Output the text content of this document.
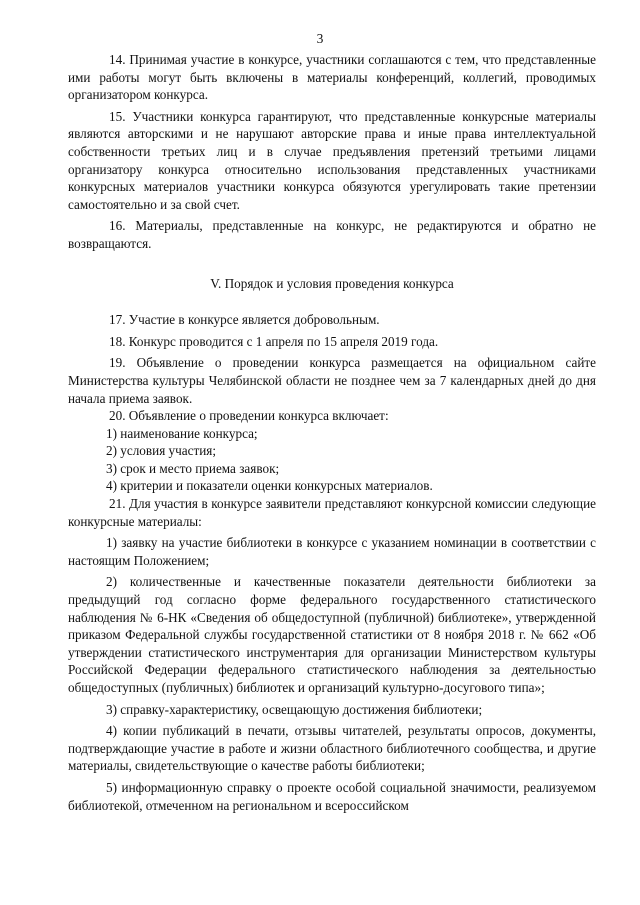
3

14. Принимая участие в конкурсе, участники соглашаются с тем, что представленные ими работы могут быть включены в материалы конференций, коллегий, проводимых организатором конкурса.

15. Участники конкурса гарантируют, что представленные конкурсные материалы являются авторскими и не нарушают авторские права и иные права интеллектуальной собственности третьих лиц и в случае предъявления претензий третьими лицами организатору конкурса относительно использования представленных участниками конкурсных материалов участники конкурса обязуются урегулировать такие претензии самостоятельно и за свой счет.

16. Материалы, представленные на конкурс, не редактируются и обратно не возвращаются.

V. Порядок и условия проведения конкурса

17. Участие в конкурсе является добровольным.

18. Конкурс проводится с 1 апреля по 15 апреля 2019 года.

19. Объявление о проведении конкурса размещается на официальном сайте Министерства культуры Челябинской области не позднее чем за 7 календарных дней до дня начала приема заявок.

20. Объявление о проведении конкурса включает:

1) наименование конкурса;

2) условия участия;

3) срок и место приема заявок;

4) критерии и показатели оценки конкурсных материалов.

21. Для участия в конкурсе заявители представляют конкурсной комиссии следующие конкурсные материалы:

1) заявку на участие библиотеки в конкурсе с указанием номинации в соответствии с настоящим Положением;

2) количественные и качественные показатели деятельности библиотеки за предыдущий год согласно форме федерального государственного статистического наблюдения № 6-НК «Сведения об общедоступной (публичной) библиотеке», утвержденной приказом Федеральной службы государственной статистики от 8 ноября 2018 г. № 662 «Об утверждении статистического инструментария для организации Министерством культуры Российской Федерации федерального статистического наблюдения за деятельностью общедоступных (публичных) библиотек и организаций культурно-досугового типа»;

3) справку-характеристику, освещающую достижения библиотеки;

4) копии публикаций в печати, отзывы читателей, результаты опросов, документы, подтверждающие участие в работе и жизни областного библиотечного сообщества, и другие материалы, свидетельствующие о качестве работы библиотеки;

5) информационную справку о проекте особой социальной значимости, реализуемом библиотекой, отмеченном на региональном и всероссийском
